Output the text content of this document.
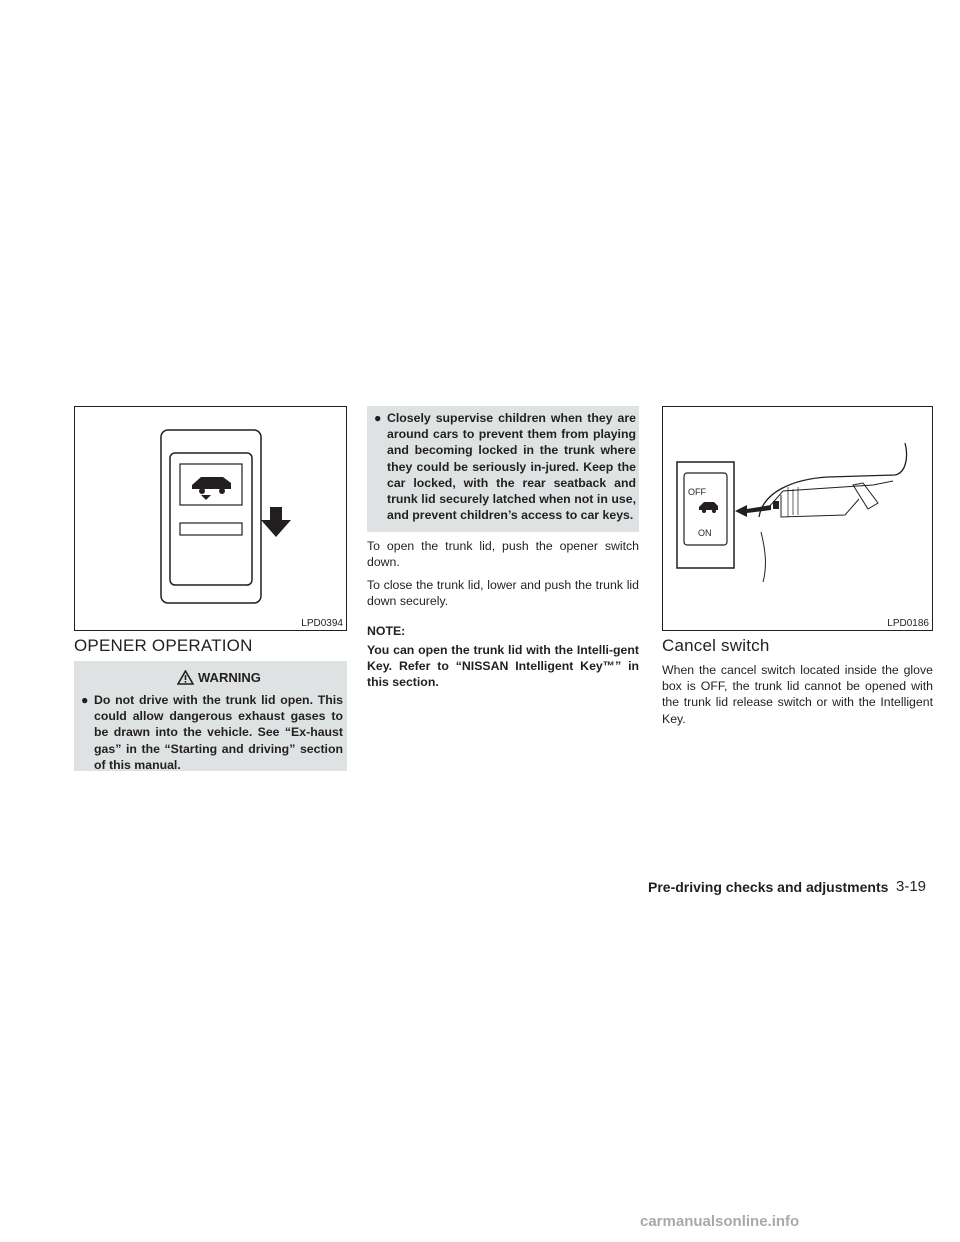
LPD0394
OFF
ON
LPD0186
OPENER OPERATION
WARNING
● Do not drive with the trunk lid open. This could allow dangerous exhaust gases to be drawn into the vehicle. See “Ex-haust gas” in the “Starting and driving” section of this manual.
● Closely supervise children when they are around cars to prevent them from playing and becoming locked in the trunk where they could be seriously in-jured. Keep the car locked, with the rear seatback and trunk lid securely latched when not in use, and prevent children’s access to car keys.
To open the trunk lid, push the opener switch down.
To close the trunk lid, lower and push the trunk lid down securely.
NOTE:
You can open the trunk lid with the Intelli-gent Key. Refer to “NISSAN Intelligent Key™” in this section.
Cancel switch
When the cancel switch located inside the glove box is OFF, the trunk lid cannot be opened with the trunk lid release switch or with the Intelligent Key.
Pre-driving checks and adjustments 3-19
carmanualsonline.info
